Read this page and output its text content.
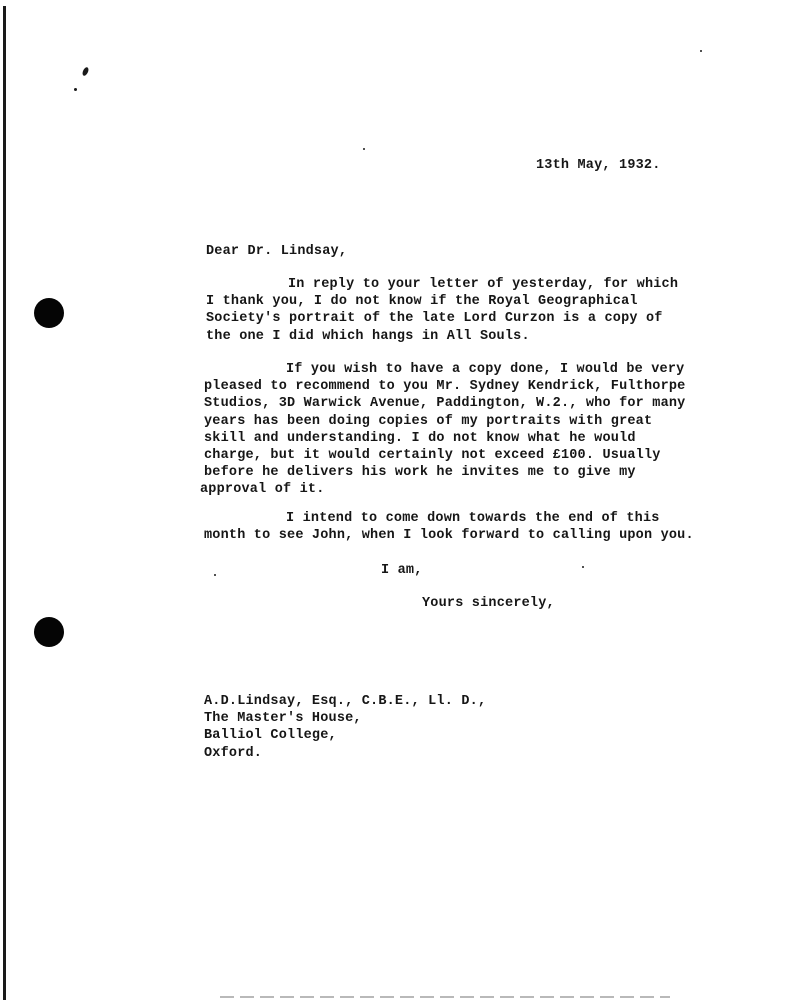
13th May, 1932.
Dear Dr. Lindsay,
In reply to your letter of yesterday, for which
I thank you, I do not know if the Royal Geographical
Society's portrait of the late Lord Curzon is a copy of
the one I did which hangs in All Souls.
If you wish to have a copy done, I would be very
pleased to recommend to you Mr. Sydney Kendrick, Fulthorpe
Studios, 3D Warwick Avenue, Paddington, W.2., who for many
years has been doing copies of my portraits with great
skill and understanding. I do not know what he would
charge, but it would certainly not exceed £100. Usually
before he delivers his work he invites me to give my
approval of it.
I intend to come down towards the end of this
month to see John, when I look forward to calling upon you.
I am,
Yours sincerely,
A.D.Lindsay, Esq., C.B.E., Ll. D.,
The Master's House,
Balliol College,
Oxford.
